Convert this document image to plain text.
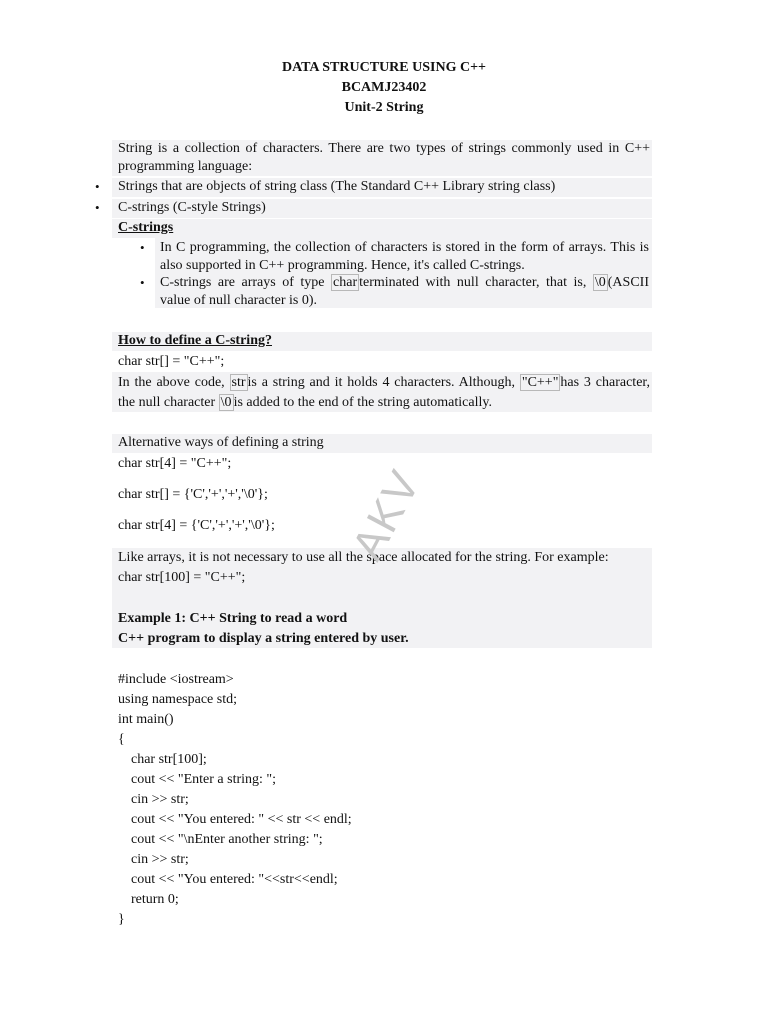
DATA STRUCTURE USING C++
BCAMJ23402
Unit-2 String
String is a collection of characters. There are two types of strings commonly used in C++ programming language:
• Strings that are objects of string class (The Standard C++ Library string class)
• C-strings (C-style Strings)
C-strings
• In C programming, the collection of characters is stored in the form of arrays. This is also supported in C++ programming. Hence, it's called C-strings.
• C-strings are arrays of type char terminated with null character, that is, \0 (ASCII value of null character is 0).
How to define a C-string?
char str[] = "C++";
In the above code, str is a string and it holds 4 characters. Although, "C++" has 3 character, the null character \0 is added to the end of the string automatically.
Alternative ways of defining a string
char str[4] = "C++";
char str[] = {'C','+','+','\0'};
char str[4] = {'C','+','+','\0'};
Like arrays, it is not necessary to use all the space allocated for the string. For example:
char str[100] = "C++";
Example 1: C++ String to read a word
C++ program to display a string entered by user.
#include <iostream>
using namespace std;
int main()
{
char str[100];
cout << "Enter a string: ";
cin >> str;
cout << "You entered: " << str << endl;
cout << "\nEnter another string: ";
cin >> str;
cout << "You entered: "<<str<<endl;
return 0;
}
AKV
